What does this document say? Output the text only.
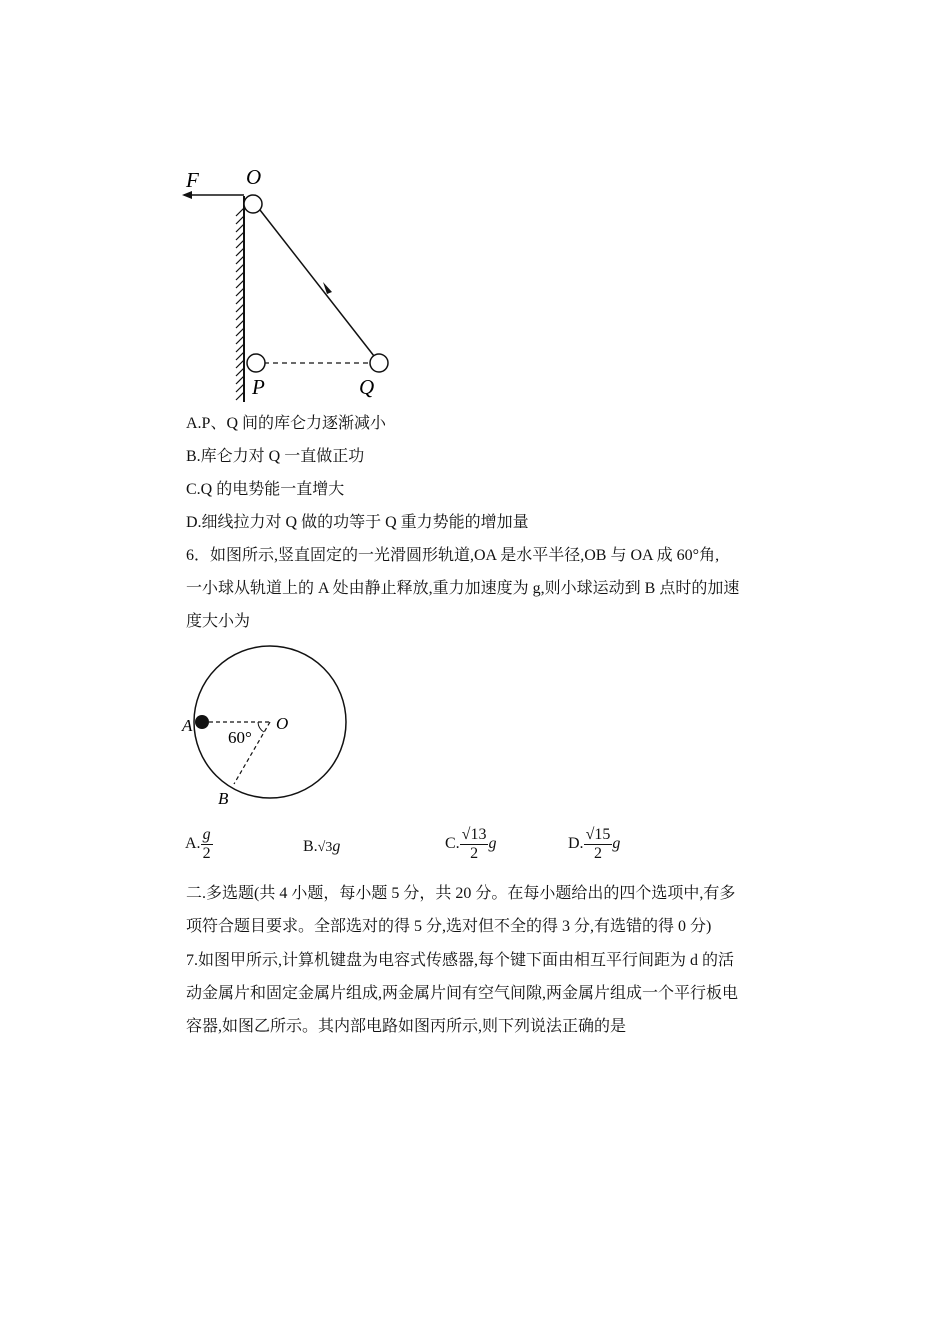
F O
P	Q
A.P、Q 间的库仑力逐渐减小
B.库仑力对 Q 一直做正功
C.Q 的电势能一直增大
D.细线拉力对 Q 做的功等于 Q 重力势能的增加量
6．如图所示,竖直固定的一光滑圆形轨道,OA 是水平半径,OB 与 OA 成 60°角,
一小球从轨道上的 A 处由静止释放,重力加速度为 g,则小球运动到 B 点时的加速
度大小为
A	O
60°
B
A. $\frac{g}{2}$	B.√3g	C. $\frac{√13}{2}$ g	D. $\frac{√15}{2}$ g
二.多选题(共 4 小题，每小题 5 分，共 20 分。在每小题给出的四个选项中,有多
项符合题目要求。全部选对的得 5 分,选对但不全的得 3 分,有选错的得 0 分)
7.如图甲所示,计算机键盘为电容式传感器,每个键下面由相互平行间距为 d 的活
动金属片和固定金属片组成,两金属片间有空气间隙,两金属片组成一个平行板电
容器,如图乙所示。其内部电路如图丙所示,则下列说法正确的是
